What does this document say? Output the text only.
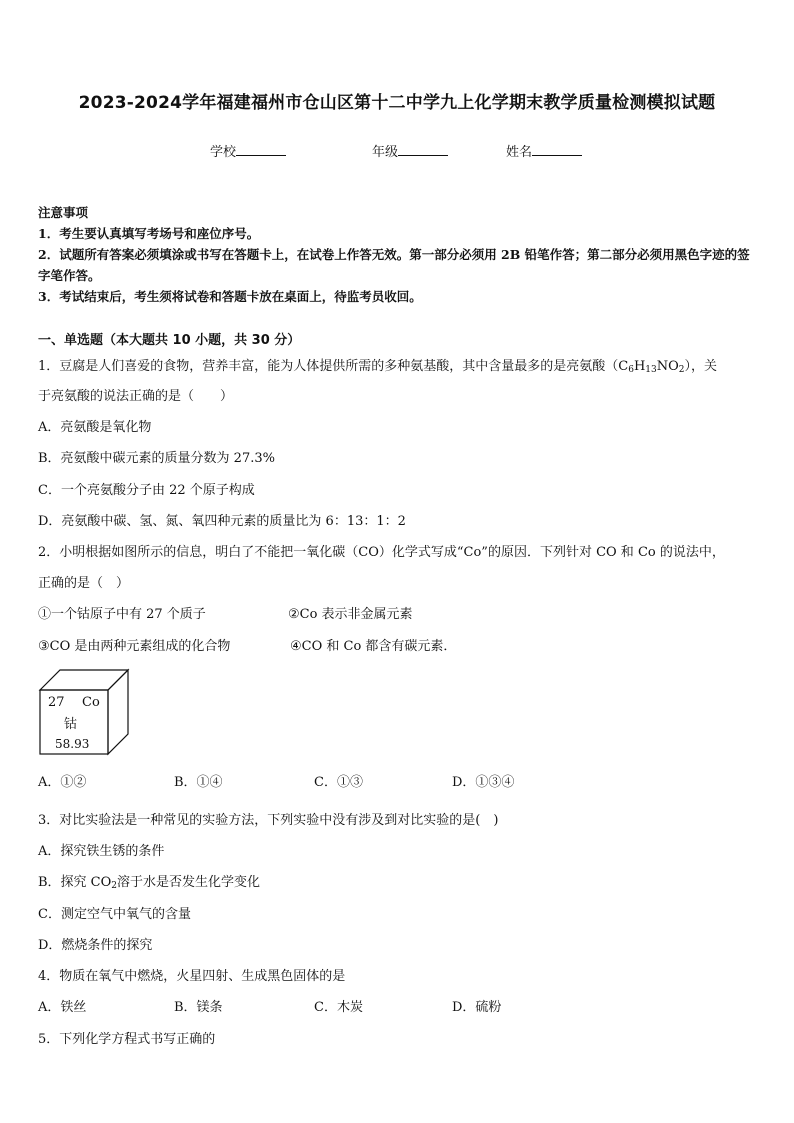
2023-2024学年福建福州市仓山区第十二中学九上化学期末教学质量检测模拟试题
学校	年级	姓名
注意事项
1．考生要认真填写考场号和座位序号。
2．试题所有答案必须填涂或书写在答题卡上，在试卷上作答无效。第一部分必须用 2B 铅笔作答；第二部分必须用黑色字迹的签字笔作答。
3．考试结束后，考生须将试卷和答题卡放在桌面上，待监考员收回。
一、单选题（本大题共 10 小题，共 30 分）
1．豆腐是人们喜爱的食物，营养丰富，能为人体提供所需的多种氨基酸，其中含量最多的是亮氨酸$(C_6H_{13}NO_2)$，关
于亮氨酸的说法正确的是（　　）
A．亮氨酸是氧化物
B．亮氨酸中碳元素的质量分数为 27.3%
C．一个亮氨酸分子由 22 个原子构成
D．亮氨酸中碳、氢、氮、氧四种元素的质量比为 6：13：1：2
2．小明根据如图所示的信息，明白了不能把一氧化碳（CO）化学式写成“Co”的原因．下列针对 CO 和 Co 的说法中，
正确的是（　）
①一个钴原子中有 27 个质子	②Co 表示非金属元素
③CO 是由两种元素组成的化合物	④CO 和 Co 都含有碳元素．
27 Co
钴
58.93
A．①②	B．①④	C．①③	D．①③④
3．对比实验法是一种常见的实验方法，下列实验中没有涉及到对比实验的是(　)
A．探究铁生锈的条件
B．探究 $CO_2$溶于水是否发生化学变化
C．测定空气中氧气的含量
D．燃烧条件的探究
4．物质在氧气中燃烧，火星四射、生成黑色固体的是
A．铁丝	B．镁条	C．木炭	D．硫粉
5．下列化学方程式书写正确的
